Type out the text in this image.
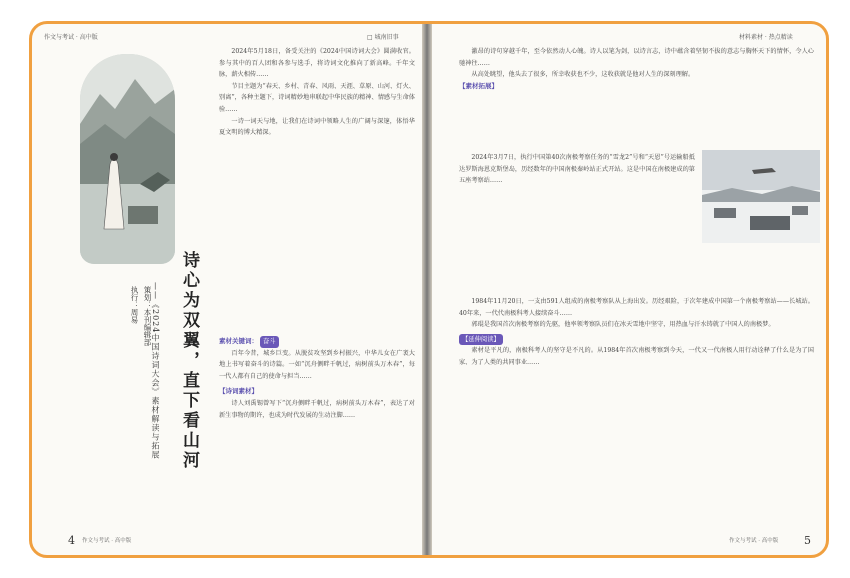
作文与考试 · 高中版	□ 城南旧事
诗心为双翼，直下看山河
——《2024中国诗词大会》素材解读与拓展
策划：本刊编辑部
执行：周易

2024年5月18日，备受关注的《2024中国诗词大会》圆满收官。参与其中的百人团和各参与选手，将诗词文化推向了新高峰。千年文脉，薪火相传……

节目主题为“春天、乡村、青春、风雨、天涯、草原、山河、灯火、别离”，各种主题下，诗词精妙地串联起中华民族的精神、情感与生命体验……

一诗一词天与地，让我们在诗词中领略人生的广阔与深邃，体悟华夏文明的博大精深。

素材关键词： 奋斗

百年今昔，城乡巨变。从脱贫攻坚到乡村振兴，中华儿女在广袤大地上书写着奋斗的诗篇。一如“沉舟侧畔千帆过，病树前头万木春”，每一代人都有自己的使命与担当……

【诗词素材】

诗人刘禹锡曾写下“沉舟侧畔千帆过，病树前头万木春”，表达了对新生事物的期许，也成为时代发展的生动注脚……

4 作文与考试 · 高中版
材料素材 · 热点精读

激昂的诗句穿越千年，至今依然动人心魄。诗人以笔为剑，以诗言志，诗中蕴含着坚韧不拔的意志与胸怀天下的情怀，令人心驰神往……

从高处眺望，他头去了很多，所幸收获也不少，这收获就是他对人生的深刻理解。

【素材拓展】

2024年3月7日，执行中国第40次南极考察任务的“雪龙2”号和“天恩”号运输船抵达罗斯海恩克斯堡岛，历经数年的中国南极秦岭站正式开站。这是中国在南极建成的第五座考察站……

1984年11月20日，一支由591人组成的南极考察队从上海出发。历经艰险，于次年建成中国第一个南极考察站——长城站。40年来，一代代南极科考人接续奋斗……

郭琨是我国首次南极考察的先驱，他率领考察队员们在冰天雪地中坚守，用热血与汗水铸就了中国人的南极梦。

【延伸阅读】

素材是平凡的，南极科考人的坚守是不凡的。从1984年首次南极考察到今天，一代又一代南极人用行动诠释了什么是为了国家、为了人类的共同事业……

作文与考试 · 高中版 5
